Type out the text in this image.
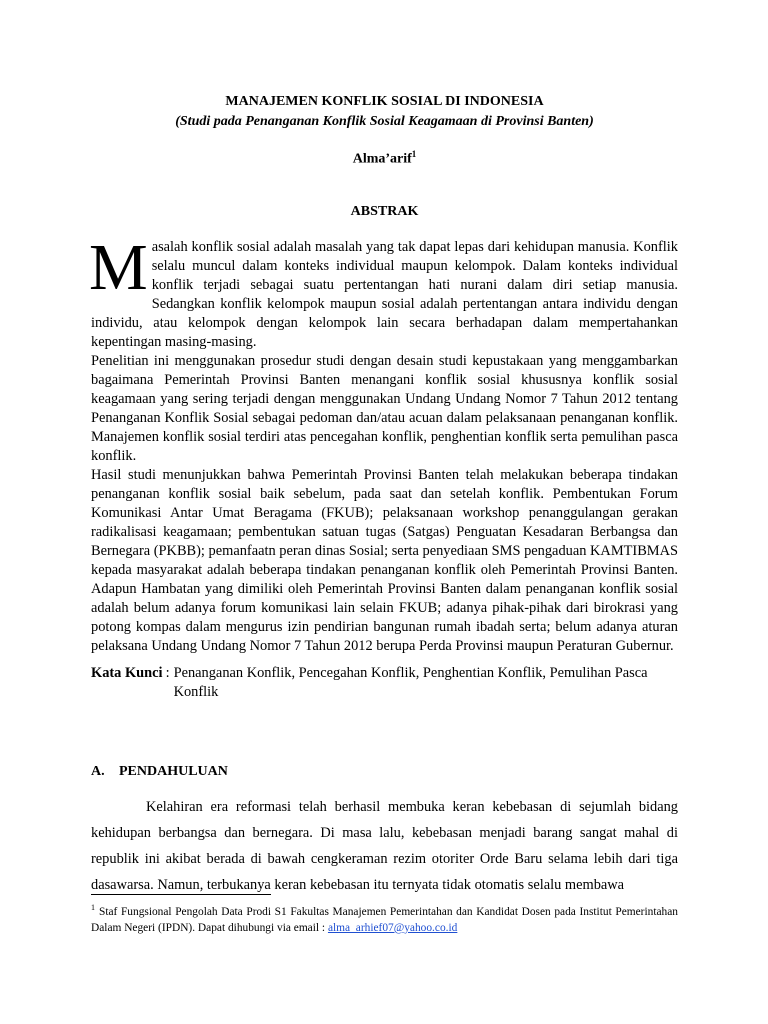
MANAJEMEN KONFLIK SOSIAL DI INDONESIA
(Studi pada Penanganan Konflik Sosial Keagamaan di Provinsi Banten)
Alma’arif$^1$
ABSTRAK

Masalah konflik sosial adalah masalah yang tak dapat lepas dari kehidupan manusia. Konflik selalu muncul dalam konteks individual maupun kelompok. Dalam konteks individual konflik terjadi sebagai suatu pertentangan hati nurani dalam diri setiap manusia. Sedangkan konflik kelompok maupun sosial adalah pertentangan antara individu dengan individu, atau kelompok dengan kelompok lain secara berhadapan dalam mempertahankan kepentingan masing-masing.

Penelitian ini menggunakan prosedur studi dengan desain studi kepustakaan yang menggambarkan bagaimana Pemerintah Provinsi Banten menangani konflik sosial khususnya konflik sosial keagamaan yang sering terjadi dengan menggunakan Undang Undang Nomor 7 Tahun 2012 tentang Penanganan Konflik Sosial sebagai pedoman dan/atau acuan dalam pelaksanaan penanganan konflik. Manajemen konflik sosial terdiri atas pencegahan konflik, penghentian konflik serta pemulihan pasca konflik.

Hasil studi menunjukkan bahwa Pemerintah Provinsi Banten telah melakukan beberapa tindakan penanganan konflik sosial baik sebelum, pada saat dan setelah konflik. Pembentukan Forum Komunikasi Antar Umat Beragama (FKUB); pelaksanaan workshop penanggulangan gerakan radikalisasi keagamaan; pembentukan satuan tugas (Satgas) Penguatan Kesadaran Berbangsa dan Bernegara (PKBB); pemanfaatn peran dinas Sosial; serta penyediaan SMS pengaduan KAMTIBMAS kepada masyarakat adalah beberapa tindakan penanganan konflik oleh Pemerintah Provinsi Banten. Adapun Hambatan yang dimiliki oleh Pemerintah Provinsi Banten dalam penanganan konflik sosial adalah belum adanya forum komunikasi lain selain FKUB; adanya pihak-pihak dari birokrasi yang potong kompas dalam mengurus izin pendirian bangunan rumah ibadah serta; belum adanya aturan pelaksana Undang Undang Nomor 7 Tahun 2012 berupa Perda Provinsi maupun Peraturan Gubernur.

Kata Kunci : Penanganan Konflik, Pencegahan Konflik, Penghentian Konflik, Pemulihan Pasca Konflik
A.	PENDAHULUAN

Kelahiran era reformasi telah berhasil membuka keran kebebasan di sejumlah bidang kehidupan berbangsa dan bernegara. Di masa lalu, kebebasan menjadi barang sangat mahal di republik ini akibat berada di bawah cengkeraman rezim otoriter Orde Baru selama lebih dari tiga dasawarsa. Namun, terbukanya keran kebebasan itu ternyata tidak otomatis selalu membawa

$^1$ Staf Fungsional Pengolah Data Prodi S1 Fakultas Manajemen Pemerintahan dan Kandidat Dosen pada Institut Pemerintahan Dalam Negeri (IPDN). Dapat dihubungi via email : alma_arhief07@yahoo.co.id
